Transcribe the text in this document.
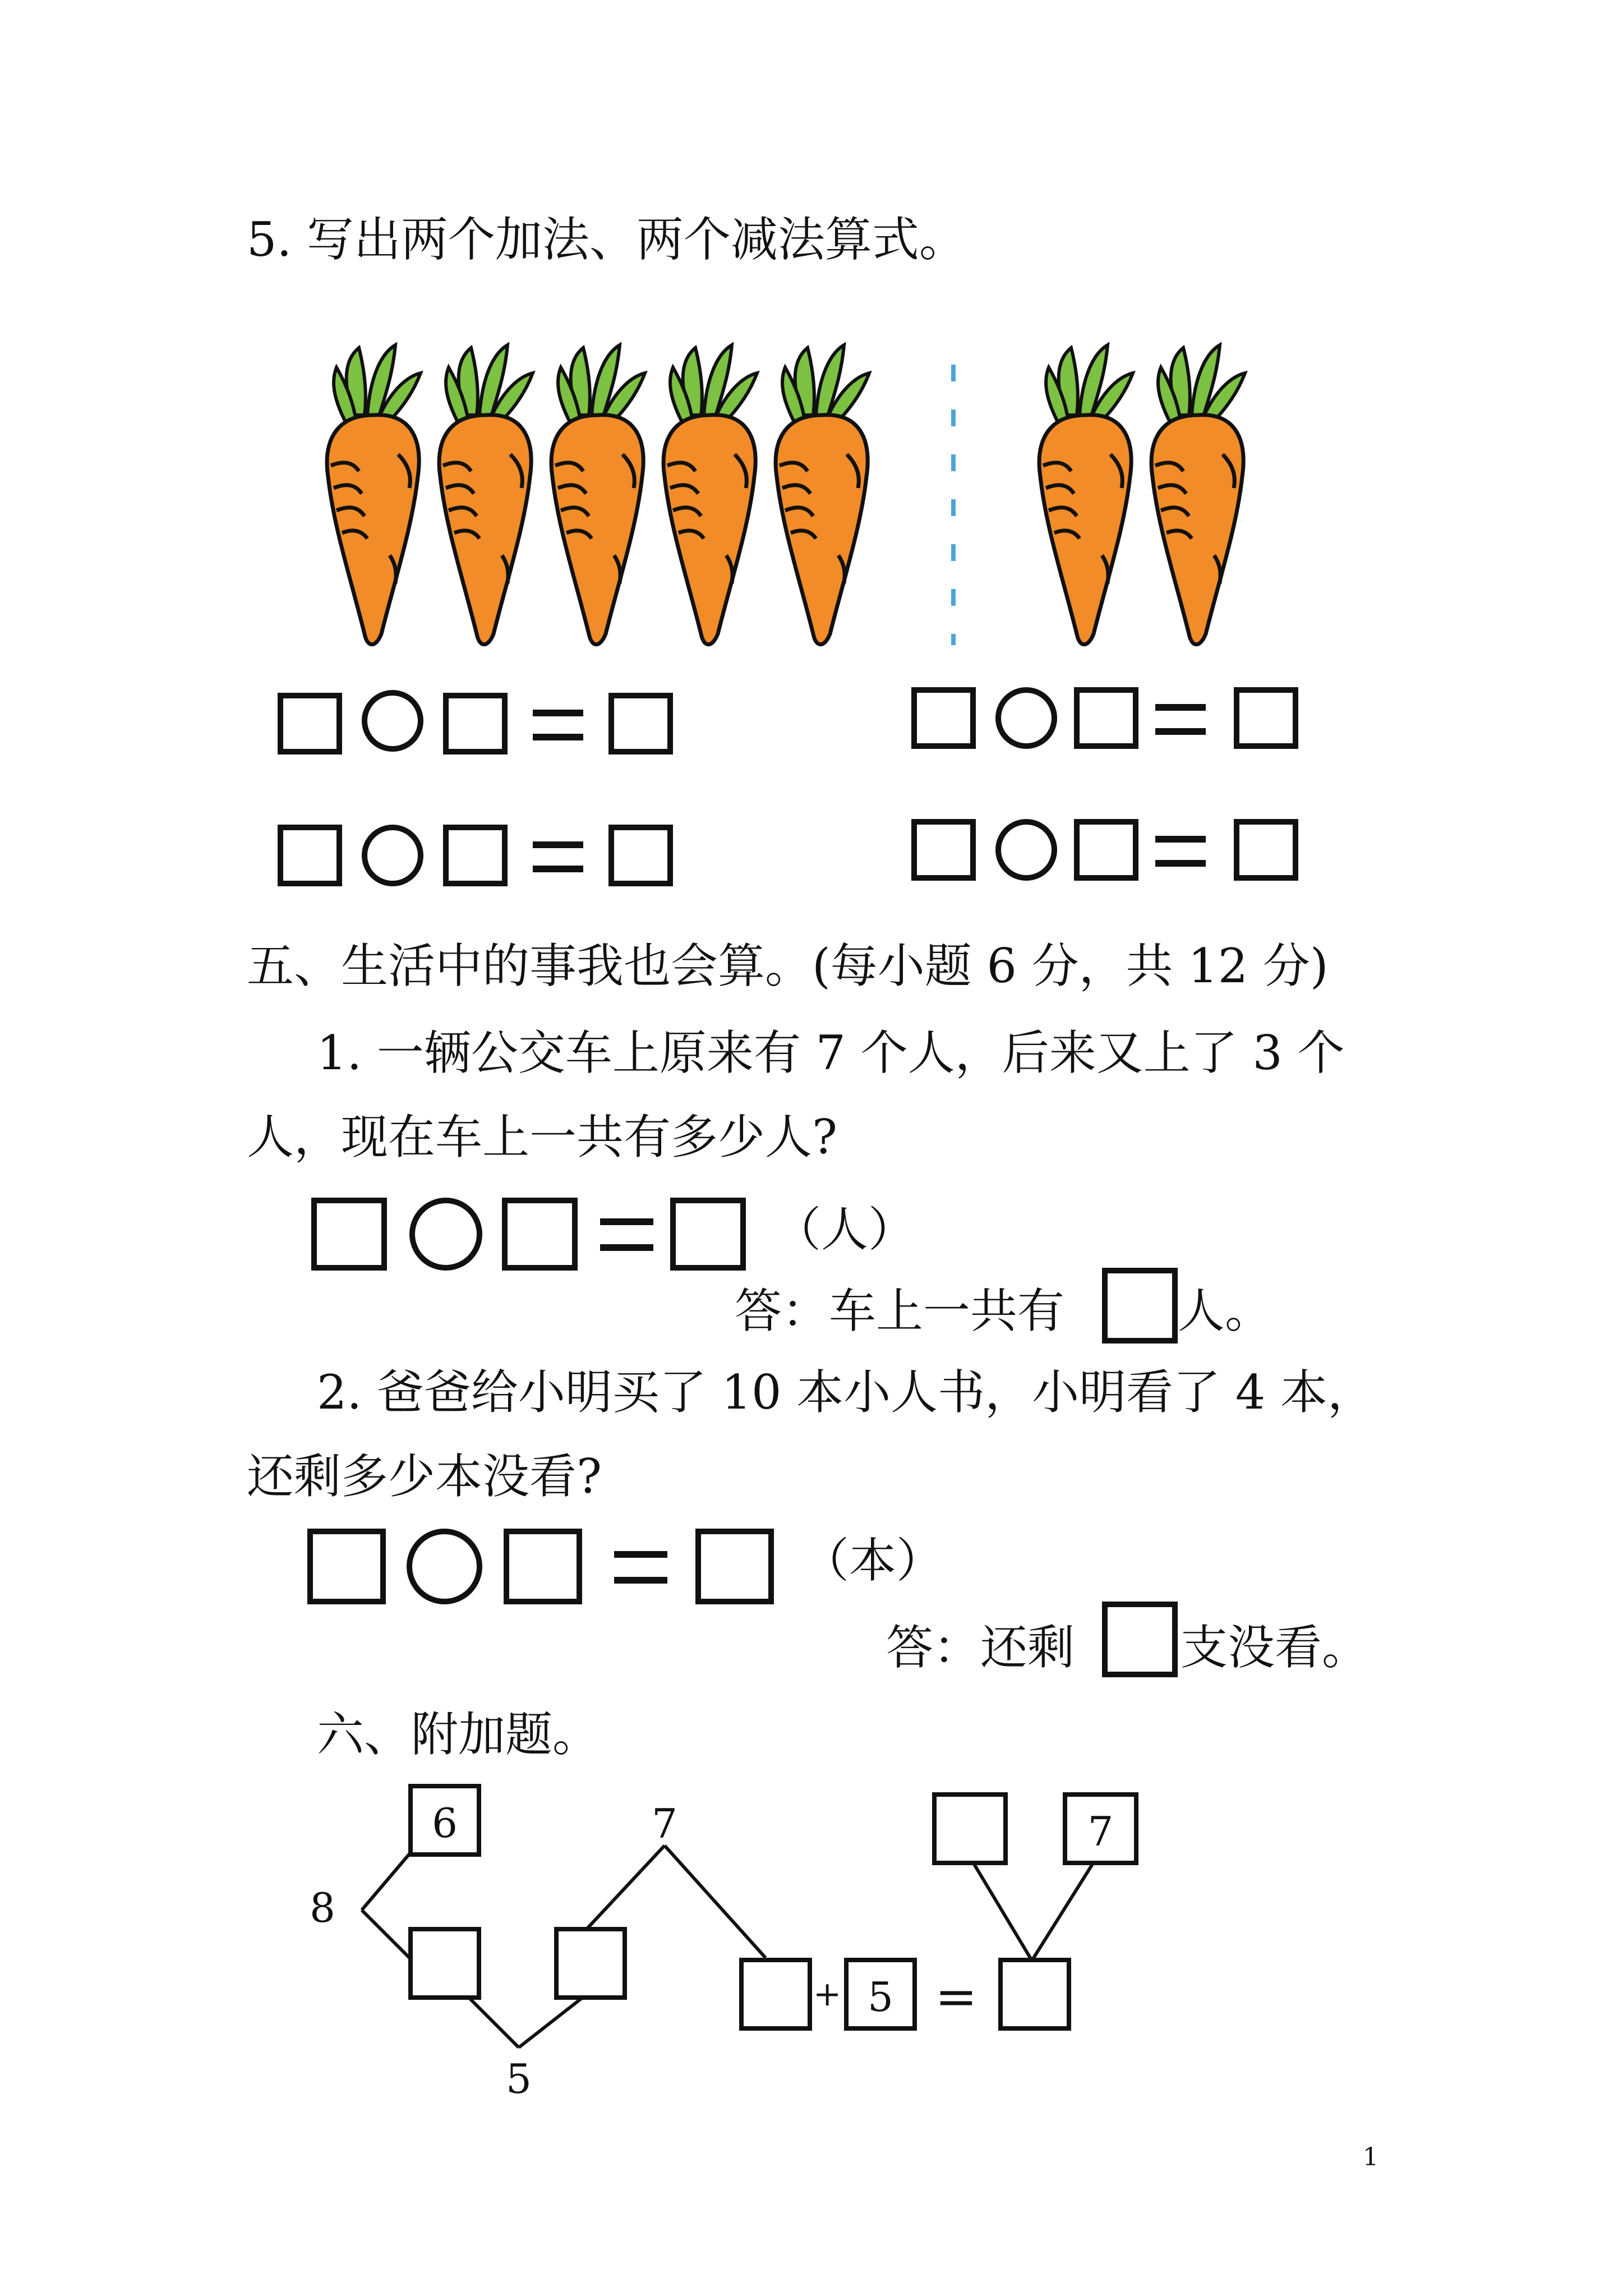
5. 写出两个加法、两个减法算式。
五、生活中的事我也会算。(每小题 6 分，共 12 分)
1. 一辆公交车上原来有 7 个人，后来又上了 3 个
人，现在车上一共有多少人?
（人）
答：车上一共有 人。
2. 爸爸给小明买了 10 本小人书，小明看了 4 本，
还剩多少本没看?
（本）
答：还剩 支没看。
六、附加题。
8
6
5
7
+ 5 =
7
1
